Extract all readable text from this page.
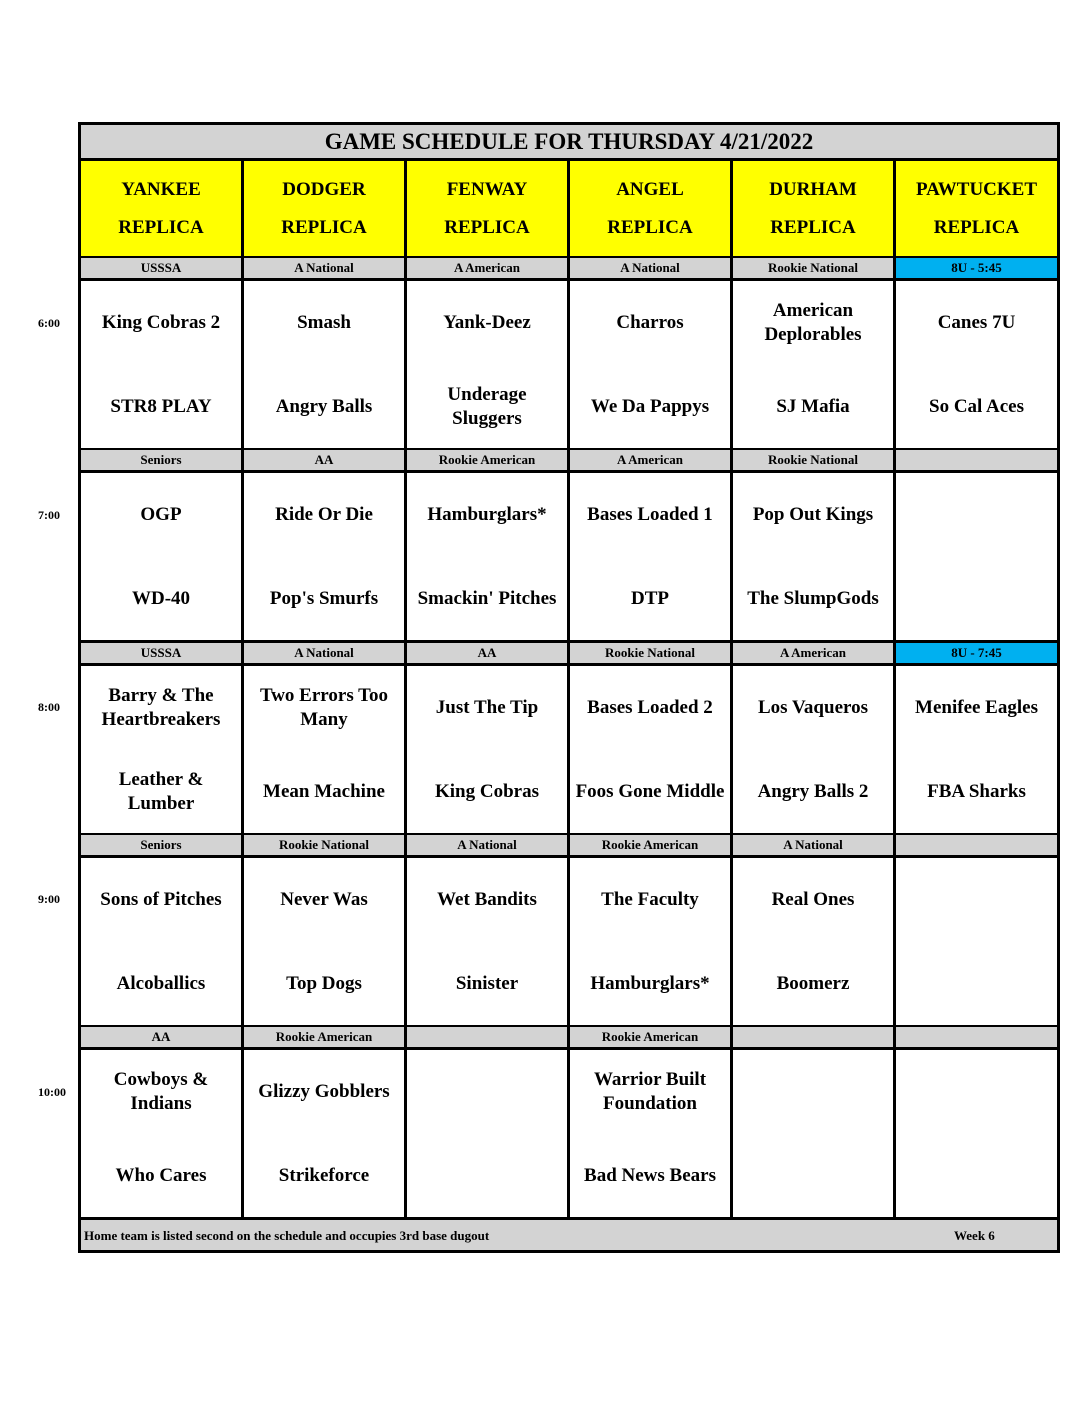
6:00
7:00
8:00
9:00
10:00
GAME SCHEDULE FOR THURSDAY 4/21/2022
YANKEE
REPLICA
DODGER
REPLICA
FENWAY
REPLICA
ANGEL
REPLICA
DURHAM
REPLICA
PAWTUCKET
REPLICA
USSSA
King Cobras 2
STR8 PLAY
A National
Smash
Angry Balls
A American
Yank-Deez
Underage Sluggers
A National
Charros
We Da Pappys
Rookie National
American Deplorables
SJ Mafia
8U - 5:45
Canes 7U
So Cal Aces
Seniors
OGP
WD-40
AA
Ride Or Die
Pop's Smurfs
Rookie American
Hamburglars*
Smackin' Pitches
A American
Bases Loaded 1
DTP
Rookie National
Pop Out Kings
The SlumpGods
USSSA
Barry & The Heartbreakers
Leather & Lumber
A National
Two Errors Too Many
Mean Machine
AA
Just The Tip
King Cobras
Rookie National
Bases Loaded 2
Foos Gone Middle
A American
Los Vaqueros
Angry Balls 2
8U - 7:45
Menifee Eagles
FBA Sharks
Seniors
Sons of Pitches
Alcoballics
Rookie National
Never Was
Top Dogs
A National
Wet Bandits
Sinister
Rookie American
The Faculty
Hamburglars*
A National
Real Ones
Boomerz
AA
Cowboys & Indians
Who Cares
Rookie American
Glizzy Gobblers
Strikeforce
Rookie American
Warrior Built Foundation
Bad News Bears
Home team is listed second on the schedule and occupies 3rd base dugout	Week 6
